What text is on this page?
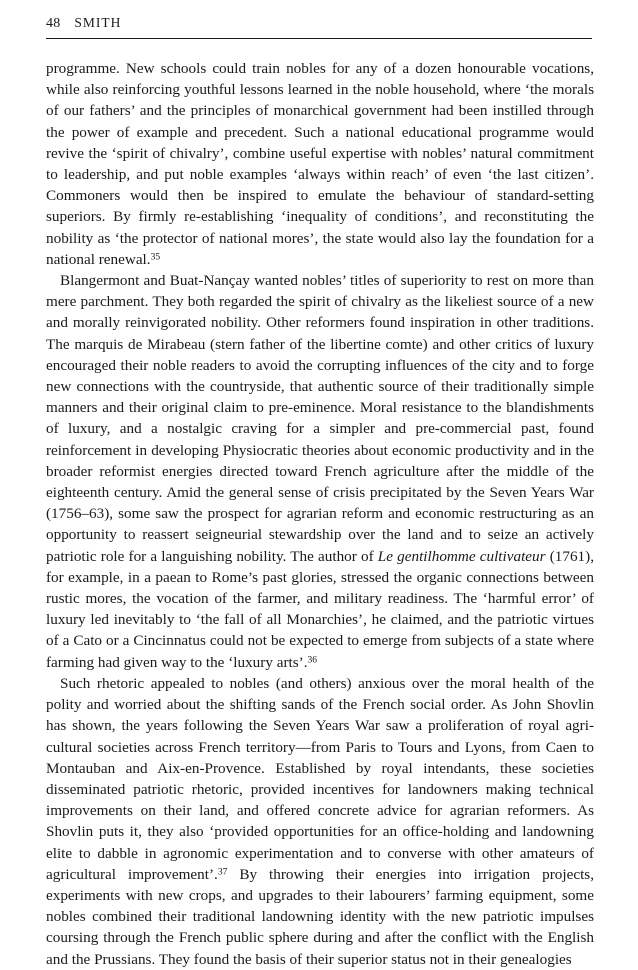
48 SMITH

programme. New schools could train nobles for any of a dozen honourable vocations, while also reinforcing youthful lessons learned in the noble household, where ‘the morals of our fathers’ and the principles of monarchical government had been instilled through the power of example and precedent. Such a national educational programme would revive the ‘spirit of chivalry’, combine useful expertise with nobles’ natural commitment to leadership, and put noble examples ‘always within reach’ of even ‘the last citizen’. Commoners would then be inspired to emulate the behaviour of standard-setting superiors. By firmly re-establishing ‘inequality of conditions’, and reconstituting the nobility as ‘the protector of national mores’, the state would also lay the foundation for a national renewal.$^{35}$

Blangermont and Buat-Nançay wanted nobles’ titles of superiority to rest on more than mere parchment. They both regarded the spirit of chivalry as the likeliest source of a new and morally reinvigorated nobility. Other reformers found inspiration in other traditions. The marquis de Mirabeau (stern father of the libertine comte) and other critics of luxury encouraged their noble readers to avoid the corrupting influences of the city and to forge new connections with the countryside, that authentic source of their traditionally simple manners and their original claim to pre-eminence. Moral resistance to the blandishments of luxury, and a nostalgic craving for a simpler and pre-commercial past, found reinforcement in developing Physiocratic theories about economic productivity and in the broader reformist energies directed toward French agriculture after the middle of the eighteenth century. Amid the general sense of crisis precipitated by the Seven Years War (1756–63), some saw the prospect for agrarian reform and economic restructuring as an opportunity to reassert seigneurial stewardship over the land and to seize an actively patriotic role for a languishing nobility. The author of Le gentilhomme cultivateur (1761), for example, in a paean to Rome’s past glories, stressed the organic connections between rustic mores, the vocation of the farmer, and military readiness. The ‘harmful error’ of luxury led inevitably to ‘the fall of all Monarchies’, he claimed, and the patriotic virtues of a Cato or a Cincinnatus could not be expected to emerge from subjects of a state where farming had given way to the ‘luxury arts’.$^{36}$

Such rhetoric appealed to nobles (and others) anxious over the moral health of the polity and worried about the shifting sands of the French social order. As John Shovlin has shown, the years following the Seven Years War saw a proliferation of royal agricultural societies across French territory—from Paris to Tours and Lyons, from Caen to Montauban and Aix-en-Provence. Established by royal intendants, these societies disseminated patriotic rhetoric, provided incentives for landowners making technical improvements on their land, and offered concrete advice for agrarian reformers. As Shovlin puts it, they also ‘provided opportunities for an office-holding and landowning elite to dabble in agronomic experimentation and to converse with other amateurs of agricultural improvement’.$^{37}$ By throwing their energies into irrigation projects, experiments with new crops, and upgrades to their labourers’ farming equipment, some nobles combined their traditional landowning identity with the new patriotic impulses coursing through the French public sphere during and after the conflict with the English and the Prussians. They found the basis of their superior status not in their genealogies
